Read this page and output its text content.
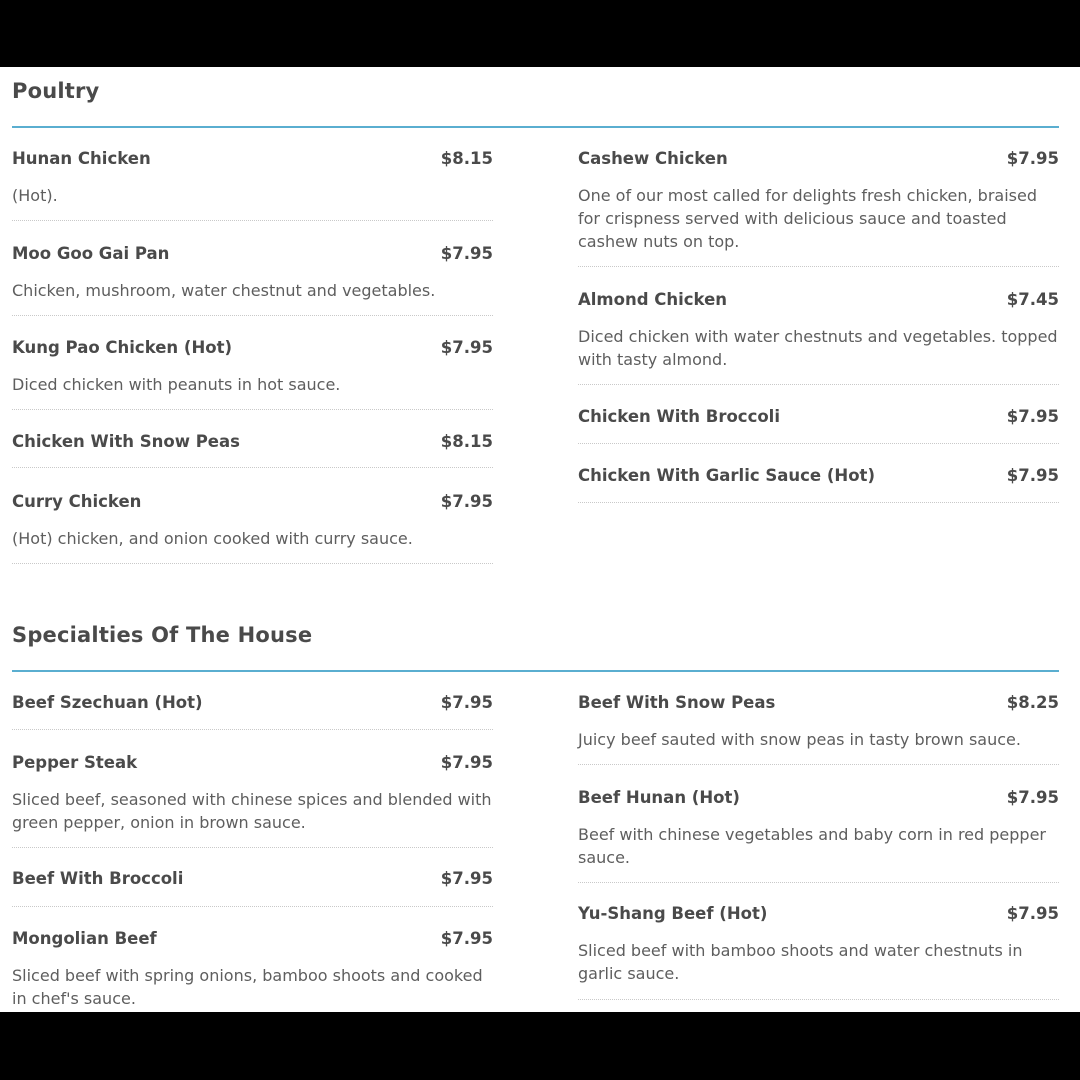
Poultry
Hunan Chicken	$8.15
(Hot).
Moo Goo Gai Pan	$7.95
Chicken, mushroom, water chestnut and vegetables.
Kung Pao Chicken (Hot)	$7.95
Diced chicken with peanuts in hot sauce.
Chicken With Snow Peas	$8.15
Curry Chicken	$7.95
(Hot) chicken, and onion cooked with curry sauce.
Cashew Chicken	$7.95
One of our most called for delights fresh chicken, braised for crispness served with delicious sauce and toasted cashew nuts on top.
Almond Chicken	$7.45
Diced chicken with water chestnuts and vegetables. topped with tasty almond.
Chicken With Broccoli	$7.95
Chicken With Garlic Sauce (Hot)	$7.95
Specialties Of The House
Beef Szechuan (Hot)	$7.95
Pepper Steak	$7.95
Sliced beef, seasoned with chinese spices and blended with green pepper, onion in brown sauce.
Beef With Broccoli	$7.95
Mongolian Beef	$7.95
Sliced beef with spring onions, bamboo shoots and cooked in chef's sauce.
Beef With Snow Peas	$8.25
Juicy beef sauted with snow peas in tasty brown sauce.
Beef Hunan (Hot)	$7.95
Beef with chinese vegetables and baby corn in red pepper sauce.
Yu-Shang Beef (Hot)	$7.95
Sliced beef with bamboo shoots and water chestnuts in garlic sauce.
